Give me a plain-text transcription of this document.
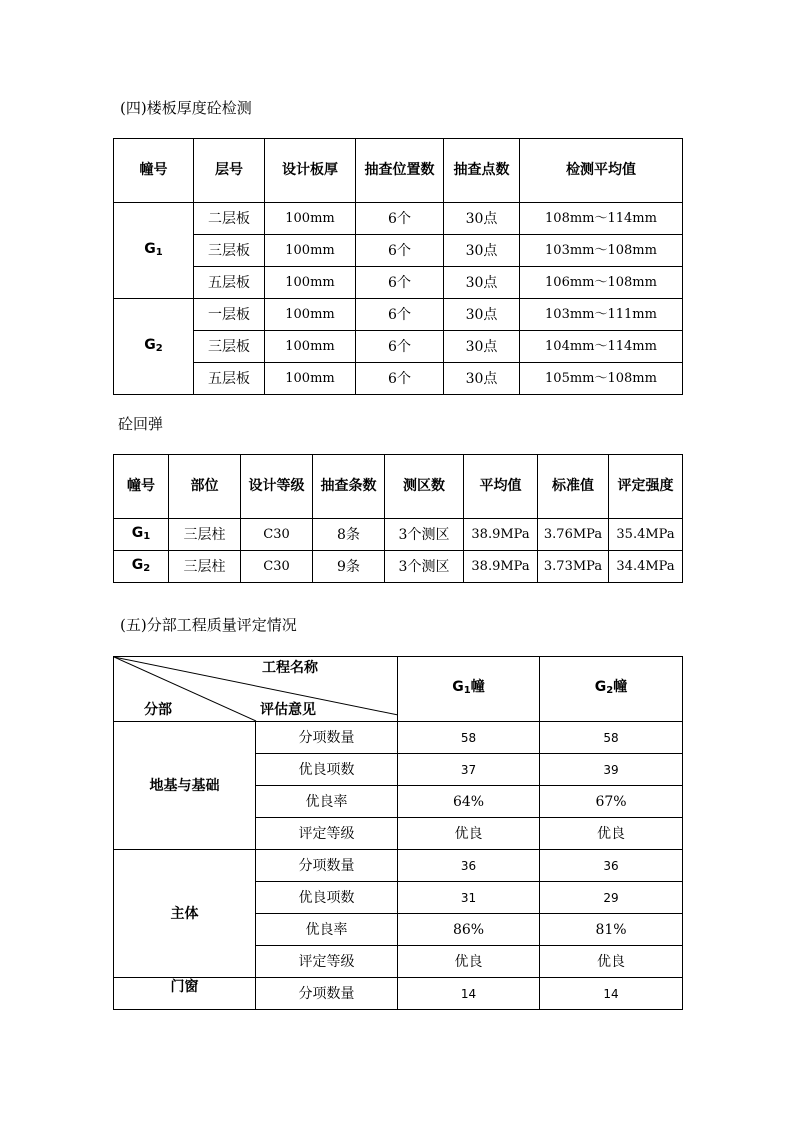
(四)楼板厚度砼检测
幢号	层号	设计板厚	抽查位置数	抽查点数	检测平均值
$G_1$	二层板	100mm	6个	30点	108mm～114mm
	三层板	100mm	6个	30点	103mm～108mm
	五层板	100mm	6个	30点	106mm～108mm
$G_2$	一层板	100mm	6个	30点	103mm～111mm
	三层板	100mm	6个	30点	104mm～114mm
	五层板	100mm	6个	30点	105mm～108mm
砼回弹
幢号	部位	设计等级	抽查条数	测区数	平均值	标准值	评定强度
$G_1$	三层柱	C30	8条	3个测区	38.9MPa	3.76MPa	35.4MPa
$G_2$	三层柱	C30	9条	3个测区	38.9MPa	3.73MPa	34.4MPa
(五)分部工程质量评定情况
工程名称
评估意见
分部		$G_1$幢	$G_2$幢
地基与基础	分项数量	58	58
	优良项数	37	39
	优良率	64%	67%
	评定等级	优良	优良
主体	分项数量	36	36
	优良项数	31	29
	优良率	86%	81%
	评定等级	优良	优良
门窗	分项数量	14	14
